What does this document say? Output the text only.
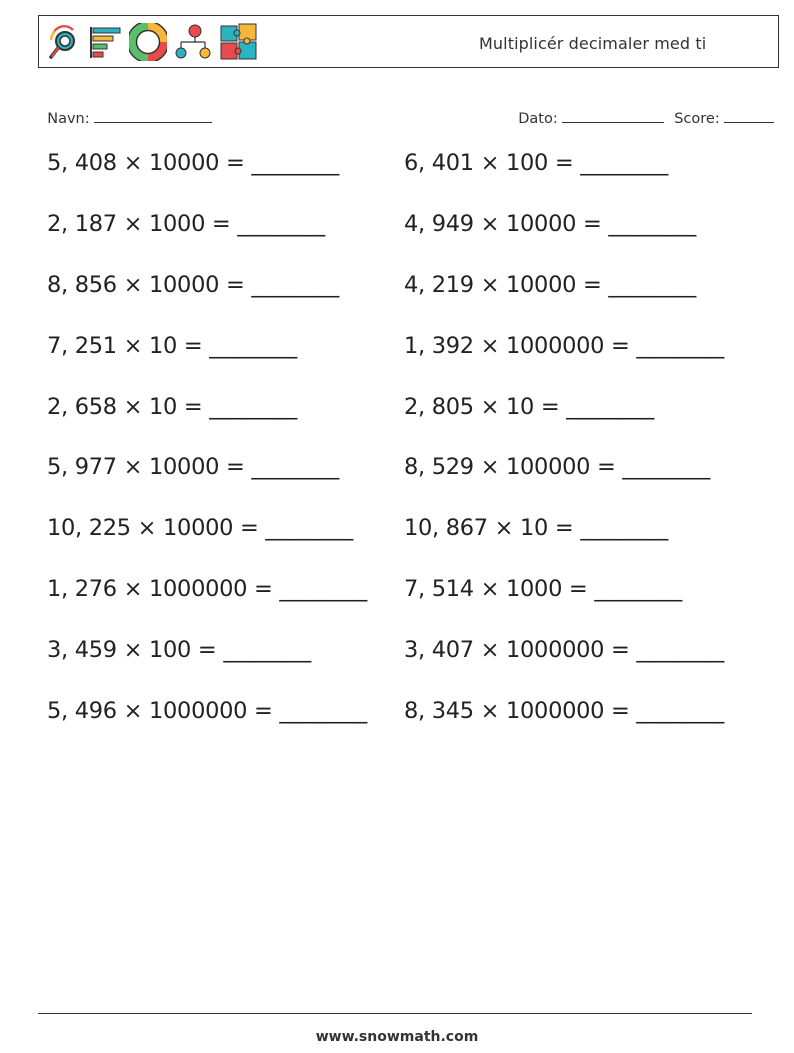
Multiplicér decimaler med ti

Navn:	Dato:	Score:

5, 408 × 10000 = ________	6, 401 × 100 = ________
2, 187 × 1000 = ________	4, 949 × 10000 = ________
8, 856 × 10000 = ________	4, 219 × 10000 = ________
7, 251 × 10 = ________	1, 392 × 1000000 = ________
2, 658 × 10 = ________	2, 805 × 10 = ________
5, 977 × 10000 = ________	8, 529 × 100000 = ________
10, 225 × 10000 = ________ 10, 867 × 10 = ________
1, 276 × 1000000 = ________ 7, 514 × 1000 = ________
3, 459 × 100 = ________	3, 407 × 1000000 = ________
5, 496 × 1000000 = ________ 8, 345 × 1000000 = ________
www.snowmath.com
